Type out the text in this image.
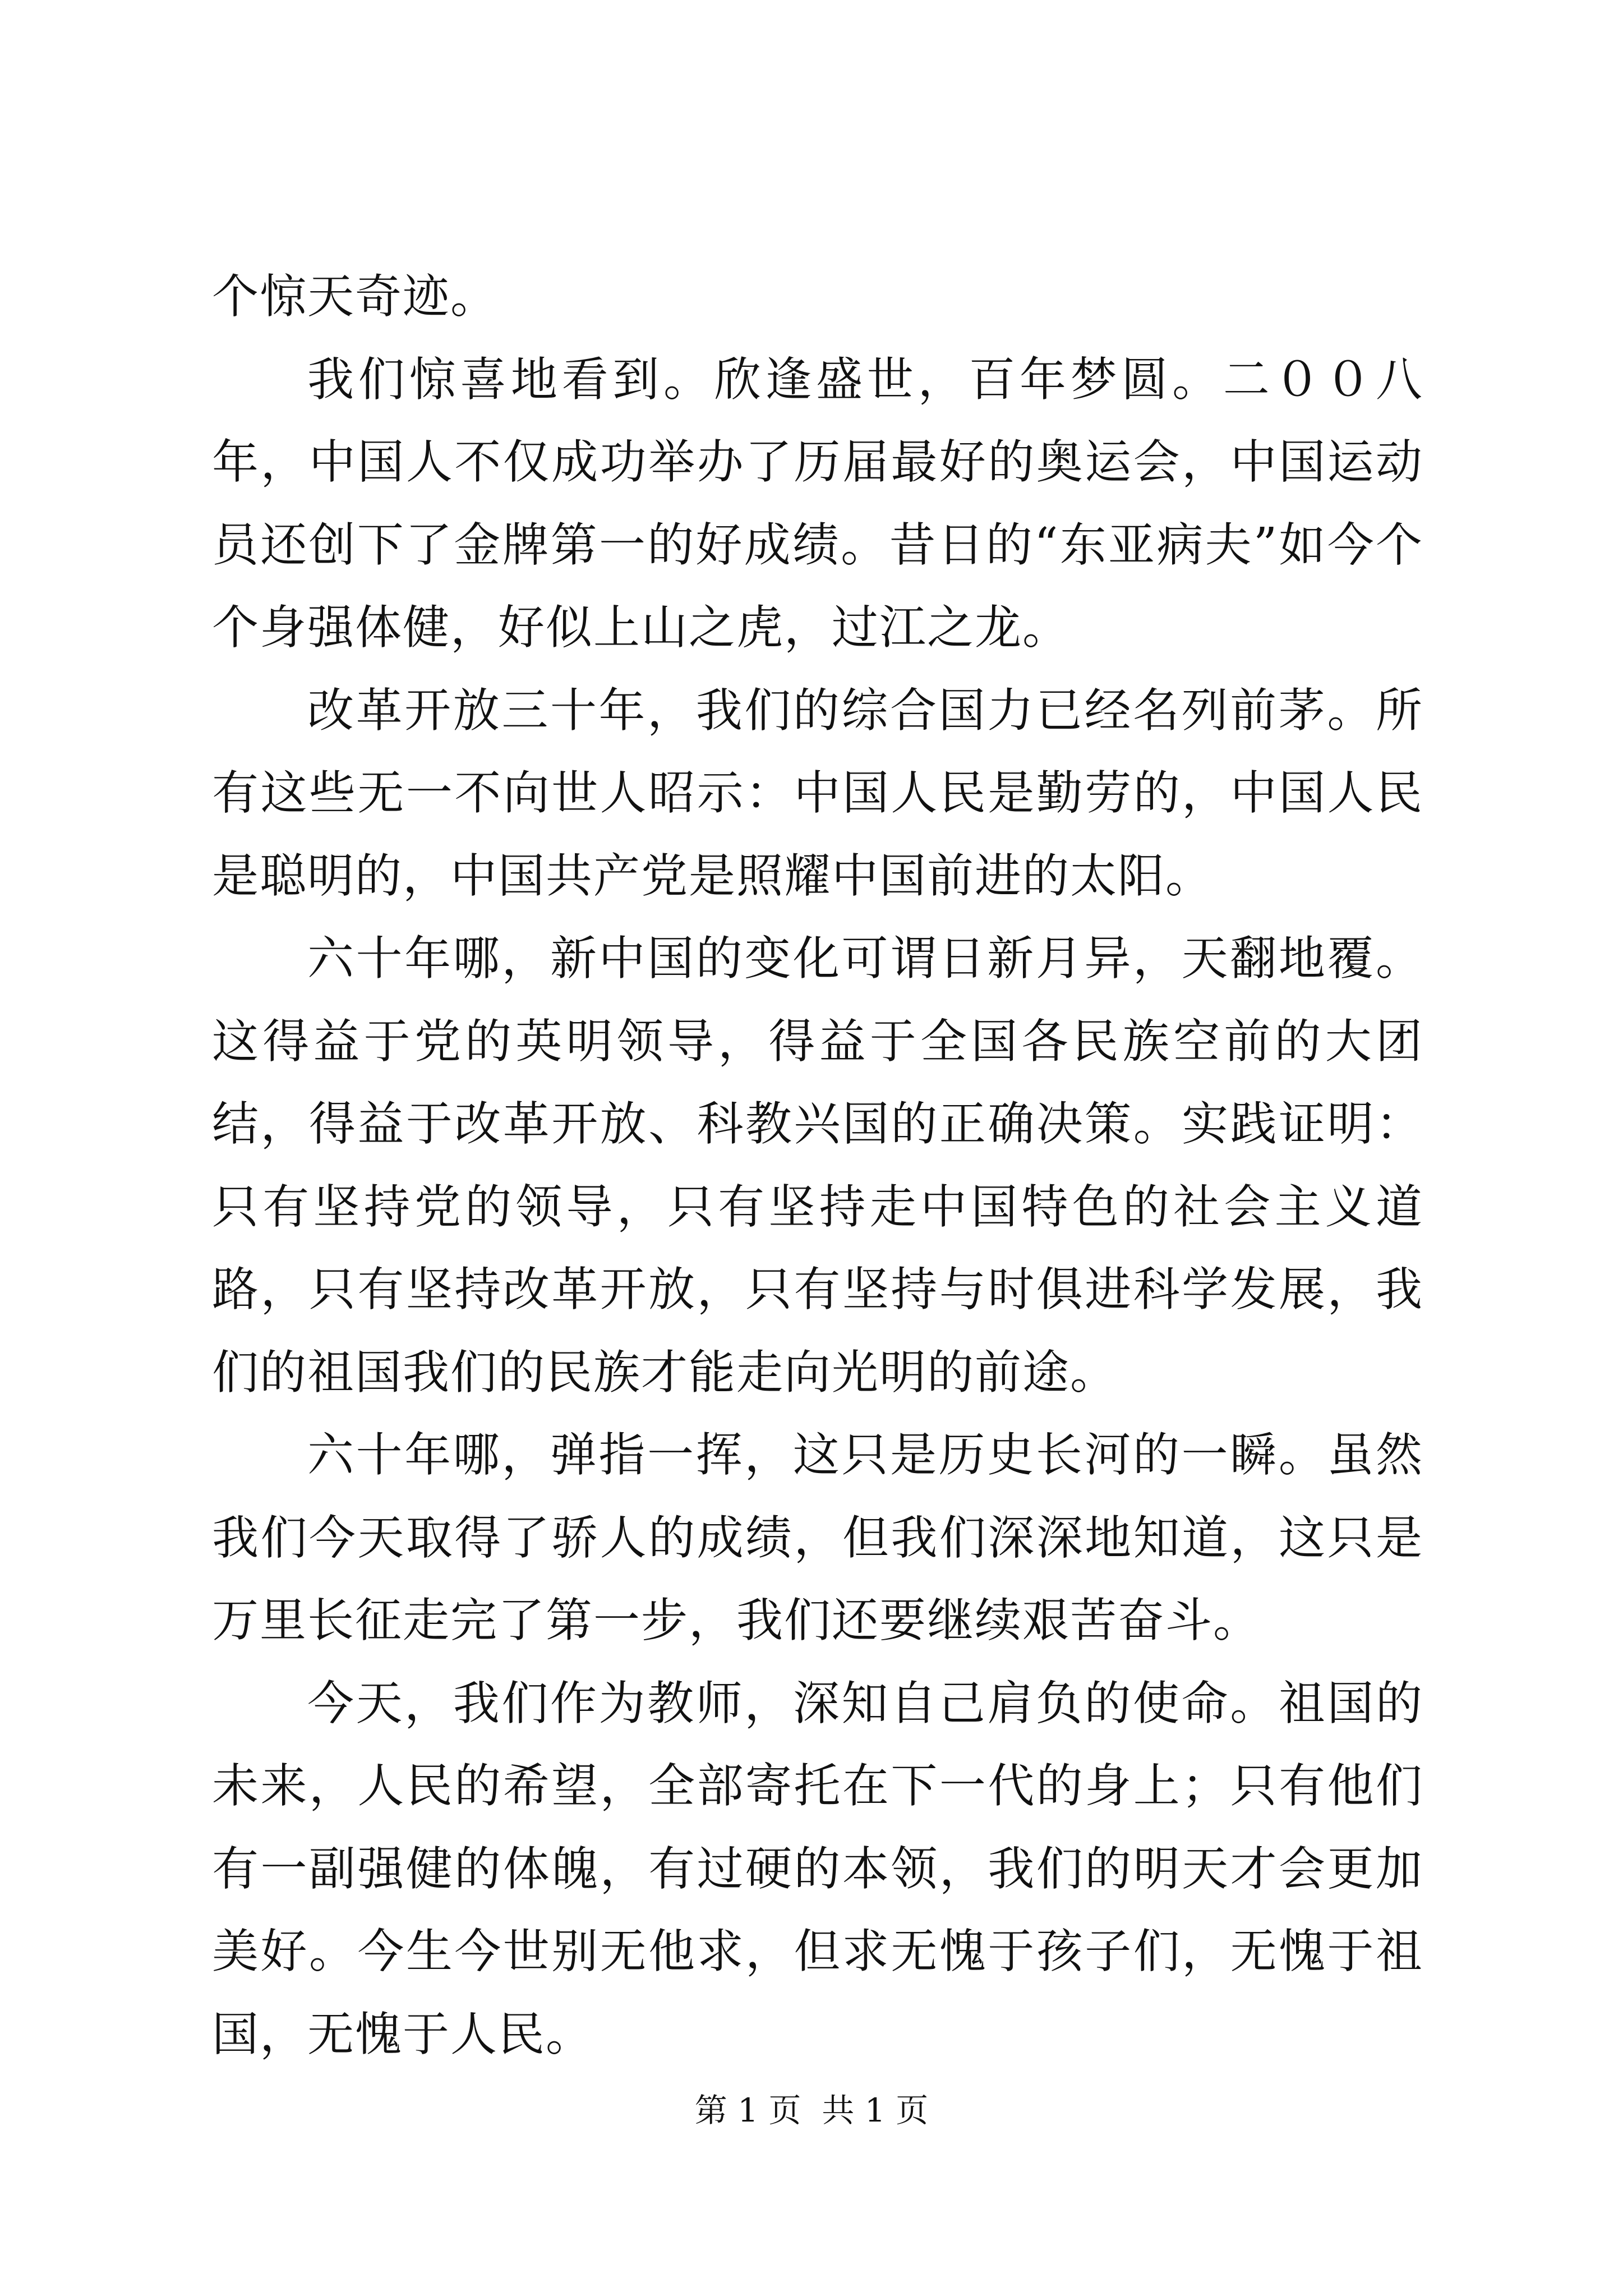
个惊天奇迹。

我们惊喜地看到。欣逢盛世，百年梦圆。二００八年，中国人不仅成功举办了历届最好的奥运会，中国运动员还创下了金牌第一的好成绩。昔日的“东亚病夫”如今个个身强体健，好似上山之虎，过江之龙。

改革开放三十年，我们的综合国力已经名列前茅。所有这些无一不向世人昭示：中国人民是勤劳的，中国人民是聪明的，中国共产党是照耀中国前进的太阳。

六十年哪，新中国的变化可谓日新月异，天翻地覆。这得益于党的英明领导，得益于全国各民族空前的大团结，得益于改革开放、科教兴国的正确决策。实践证明：只有坚持党的领导，只有坚持走中国特色的社会主义道路，只有坚持改革开放，只有坚持与时俱进科学发展，我们的祖国我们的民族才能走向光明的前途。

六十年哪，弹指一挥，这只是历史长河的一瞬。虽然我们今天取得了骄人的成绩，但我们深深地知道，这只是万里长征走完了第一步，我们还要继续艰苦奋斗。

今天，我们作为教师，深知自己肩负的使命。祖国的未来，人民的希望，全部寄托在下一代的身上；只有他们有一副强健的体魄，有过硬的本领，我们的明天才会更加美好。今生今世别无他求，但求无愧于孩子们，无愧于祖国，无愧于人民。

第 1 页  共 1 页
